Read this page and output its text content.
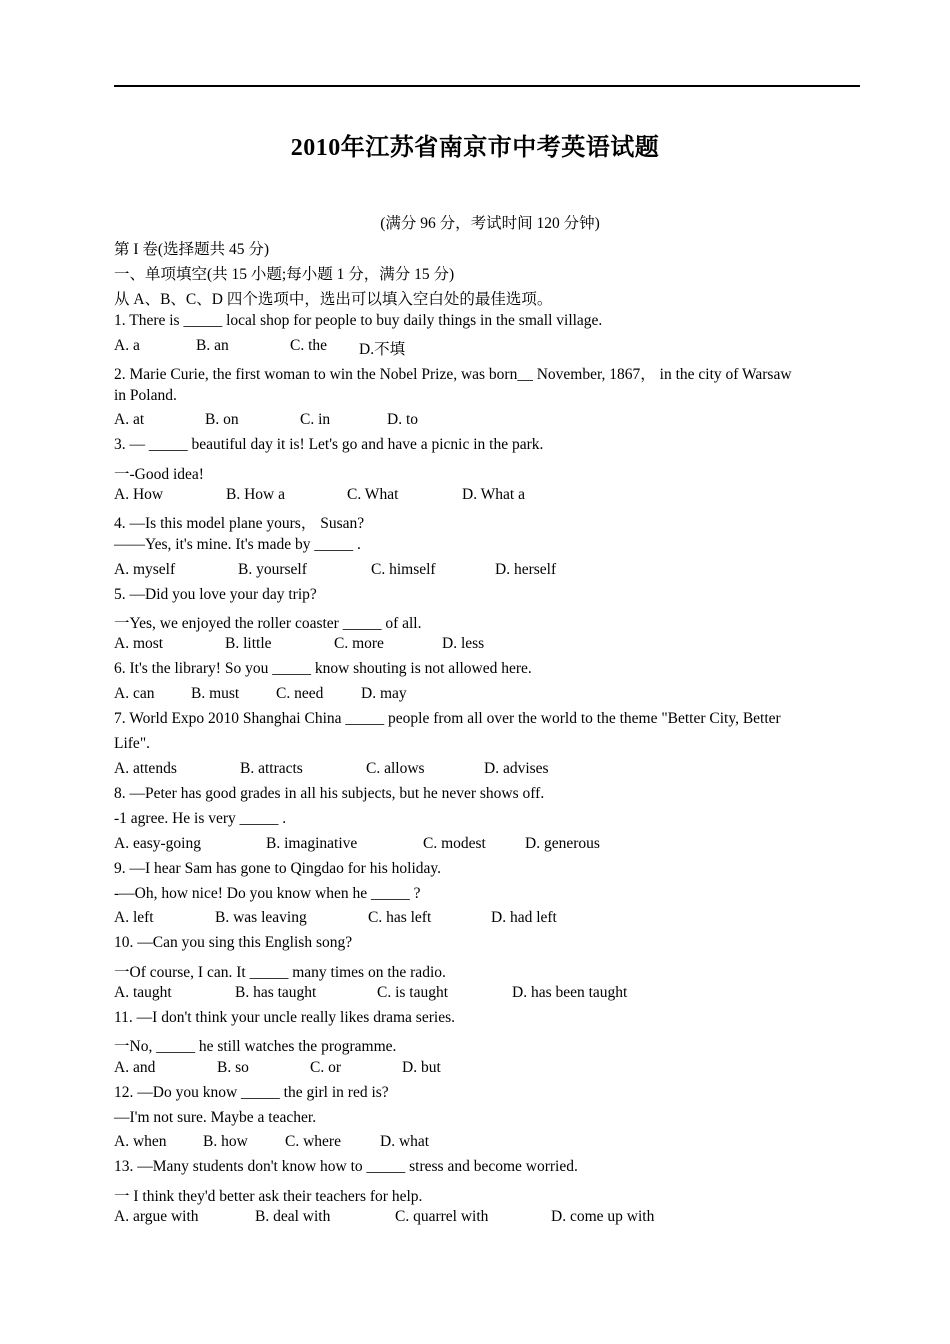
2010年江苏省南京市中考英语试题
(满分 96 分，考试时间 120 分钟)
第 I 卷(选择题共 45 分)
一、单项填空(共 15 小题;每小题 1 分，满分 15 分)
从 A、B、C、D 四个选项中，选出可以填入空白处的最佳选项。
1. There is _____ local shop for people to buy daily things in the small village.
A. a	B. an	C. the D.不填
2. Marie Curie, the first woman to win the Nobel Prize, was born__ November, 1867， in the city of Warsaw
in Poland.
A. at	B. on	C. in	D. to
3. — _____ beautiful day it is! Let's go and have a picnic in the park.
一-Good idea!
A. How	B. How a	C. What	D. What a
4. —Is this model plane yours， Susan?
——Yes, it's mine. It's made by _____ .
A. myself	B. yourself	C. himself	D. herself
5. —Did you love your day trip?
一Yes, we enjoyed the roller coaster _____ of all.
A. most	B. little	C. more	D. less
6. It's the library! So you _____ know shouting is not allowed here.
A. can B. must C. need D. may
7. World Expo 2010 Shanghai China _____ people from all over the world to the theme "Better City, Better
Life".
A. attends	B. attracts	C. allows	D. advises
8. —Peter has good grades in all his subjects, but he never shows off.
-1 agree. He is very _____ .
A. easy-going	B. imaginative	C. modest	D. generous
9. —I hear Sam has gone to Qingdao for his holiday.
-—Oh, how nice! Do you know when he _____ ?
A. left	B. was leaving	C. has left	D. had left
10. —Can you sing this English song?
一Of course, I can. It _____ many times on the radio.
A. taught	B. has taught	C. is taught	D. has been taught
11. —I don't think your uncle really likes drama series.
一No, _____ he still watches the programme.
A. and	B. so	C. or	D. but
12. —Do you know _____ the girl in red is?
—I'm not sure. Maybe a teacher.
A. when B. how C. where	D. what
13. —Many students don't know how to _____ stress and become worried.
一 I think they'd better ask their teachers for help.
A. argue with	B. deal with	C. quarrel with	D. come up with
